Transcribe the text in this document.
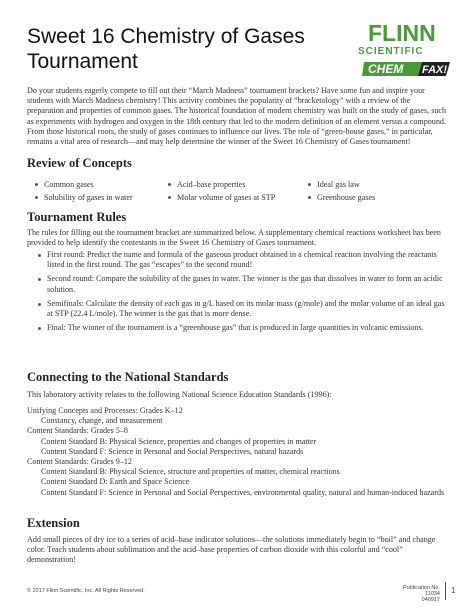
Sweet 16 Chemistry of Gases Tournament
FLINN
SCIENTIFIC
CHEM FAX!
Do your students eagerly compete to fill out their “March Madness” tournament brackets? Have some fun and inspire your students with March Madness chemistry! This activity combines the popularity of “bracketology” with a review of the preparation and properties of common gases. The historical foundation of modern chemistry was built on the study of gases, such as experiments with hydrogen and oxygen in the 18th century that led to the modern definition of an element versus a compound. From those historical roots, the study of gases continues to influence our lives. The role of “green-house gases,” in particular, remains a vital area of research—and may help determine the winner of the Sweet 16 Chemistry of Gases tournament!
Review of Concepts
Common gases	Acid–base properties	Ideal gas law
Solubility of gases in water	Molar volume of gases at STP	Greenhouse gases
Tournament Rules
The rules for filling out the tournament bracket are summarized below. A supplementary chemical reactions worksheet has been provided to help identify the contestants in the Sweet 16 Chemistry of Gases tournament.
First round: Predict the name and formula of the gaseous product obtained in a chemical reaction involving the reactants listed in the first round. The gas “escapes” to the second round!
Second round: Compare the solubility of the gases in water. The winner is the gas that dissolves in water to form an acidic solution.
Semifinals: Calculate the density of each gas in g/L based on its molar mass (g/mole) and the molar volume of an ideal gas at STP (22.4 L/mole). The winner is the gas that is more dense.
Final: The winner of the tournament is a “greenhouse gas” that is produced in large quantities in volcanic emissions.
Connecting to the National Standards
This laboratory activity relates to the following National Science Education Standards (1996):
Unifying Concepts and Processes: Grades K–12
Constancy, change, and measurement
Content Standards: Grades 5–8
Content Standard B: Physical Science, properties and changes of properties in matter
Content Standard F: Science in Personal and Social Perspectives, natural hazards
Content Standards: Grades 9–12
Content Standard B: Physical Science, structure and properties of matter, chemical reactions
Content Standard D: Earth and Space Science
Content Standard F: Science in Personal and Social Perspectives, environmental quality, natural and human-induced hazards
Extension
Add small pieces of dry ice to a series of acid–base indicator solutions—the solutions immediately begin to “boil” and change color. Teach students about sublimation and the acid–base properties of carbon dioxide with this colorful and “cool” demonstration!
© 2017 Flinn Scientific, Inc. All Rights Reserved.	Publication No. 11034
040917
1
